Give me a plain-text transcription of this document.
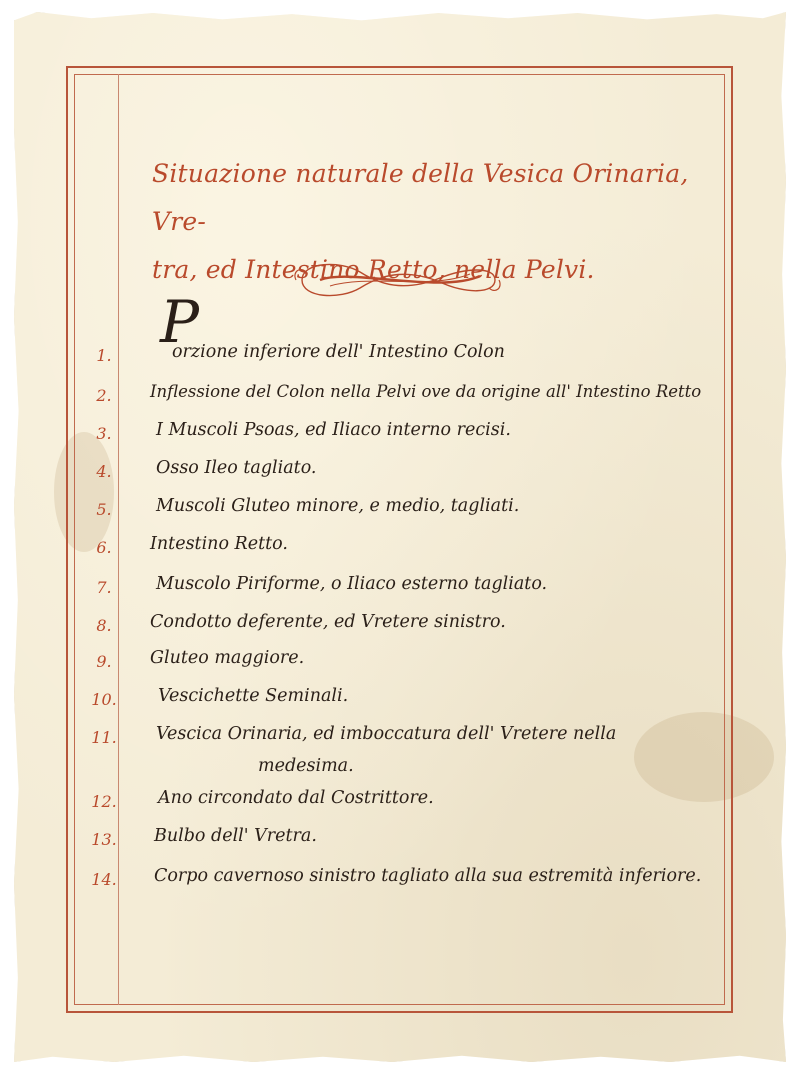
Situazione naturale della Vesica Orinaria, Vre-
tra, ed Intestino Retto, nella Pelvi.
P
1.	orzione inferiore dell' Intestino Colon
2.	Inflessione del Colon nella Pelvi ove da origine all' Intestino Retto
3.	I Muscoli Psoas, ed Iliaco interno recisi.
4.	Osso Ileo tagliato.
5.	Muscoli Gluteo minore, e medio, tagliati.
6.	Intestino Retto.
7.	Muscolo Piriforme, o Iliaco esterno tagliato.
8.	Condotto deferente, ed Vretere sinistro.
9.	Gluteo maggiore.
10.	Vescichette Seminali.
11.	Vescica Orinaria, ed imboccatura dell' Vretere nella
medesima.
12.	Ano circondato dal Costrittore.
13.	Bulbo dell' Vretra.
14.	Corpo cavernoso sinistro tagliato alla sua estremità inferiore.
